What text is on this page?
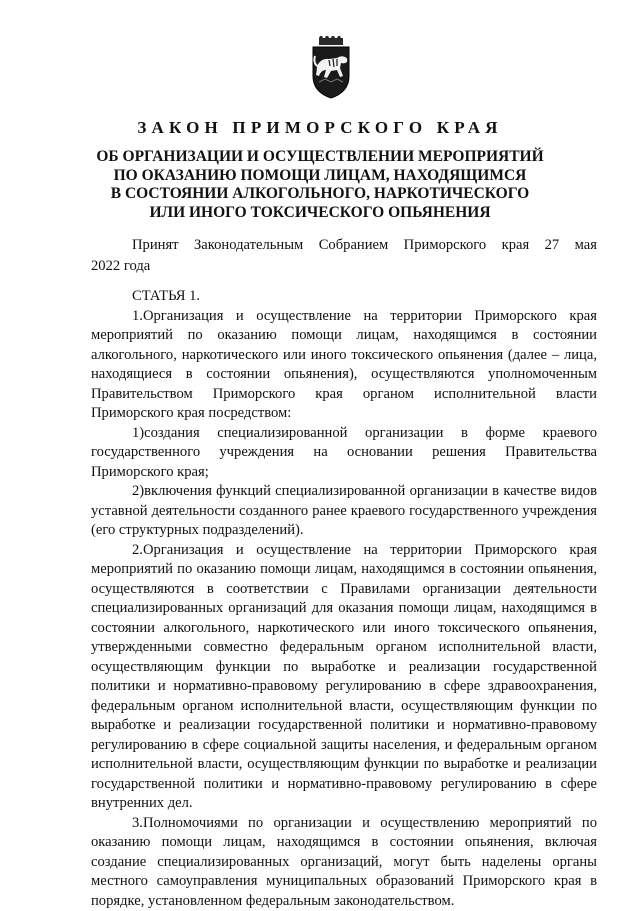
ЗАКОН ПРИМОРСКОГО КРАЯ
ОБ ОРГАНИЗАЦИИ И ОСУЩЕСТВЛЕНИИ МЕРОПРИЯТИЙ
ПО ОКАЗАНИЮ ПОМОЩИ ЛИЦАМ, НАХОДЯЩИМСЯ
В СОСТОЯНИИ АЛКОГОЛЬНОГО, НАРКОТИЧЕСКОГО
ИЛИ ИНОГО ТОКСИЧЕСКОГО ОПЬЯНЕНИЯ
Принят Законодательным Собранием Приморского края 27 мая
2022 года
СТАТЬЯ 1.

1.Организация и осуществление на территории Приморского края мероприятий по оказанию помощи лицам, находящимся в состоянии алкогольного, наркотического или иного токсического опьянения (далее – лица, находящиеся в состоянии опьянения), осуществляются уполномоченным Правительством Приморского края органом исполнительной власти Приморского края посредством:

1)создания специализированной организации в форме краевого государственного учреждения на основании решения Правительства Приморского края;

2)включения функций специализированной организации в качестве видов уставной деятельности созданного ранее краевого государственного учреждения (его структурных подразделений).

2.Организация и осуществление на территории Приморского края мероприятий по оказанию помощи лицам, находящимся в состоянии опьянения, осуществляются в соответствии с Правилами организации деятельности специализированных организаций для оказания помощи лицам, находящимся в состоянии алкогольного, наркотического или иного токсического опьянения, утвержденными совместно федеральным органом исполнительной власти, осуществляющим функции по выработке и реализации государственной политики и нормативно-правовому регулированию в сфере здравоохранения, федеральным органом исполнительной власти, осуществляющим функции по выработке и реализации государственной политики и нормативно-правовому регулированию в сфере социальной защиты населения, и федеральным органом исполнительной власти, осуществляющим функции по выработке и реализации государственной политики и нормативно-правовому регулированию в сфере внутренних дел.

3.Полномочиями по организации и осуществлению мероприятий по оказанию помощи лицам, находящимся в состоянии опьянения, включая создание специализированных организаций, могут быть наделены органы местного самоуправления муниципальных образований Приморского края в порядке, установленном федеральным законодательством.
